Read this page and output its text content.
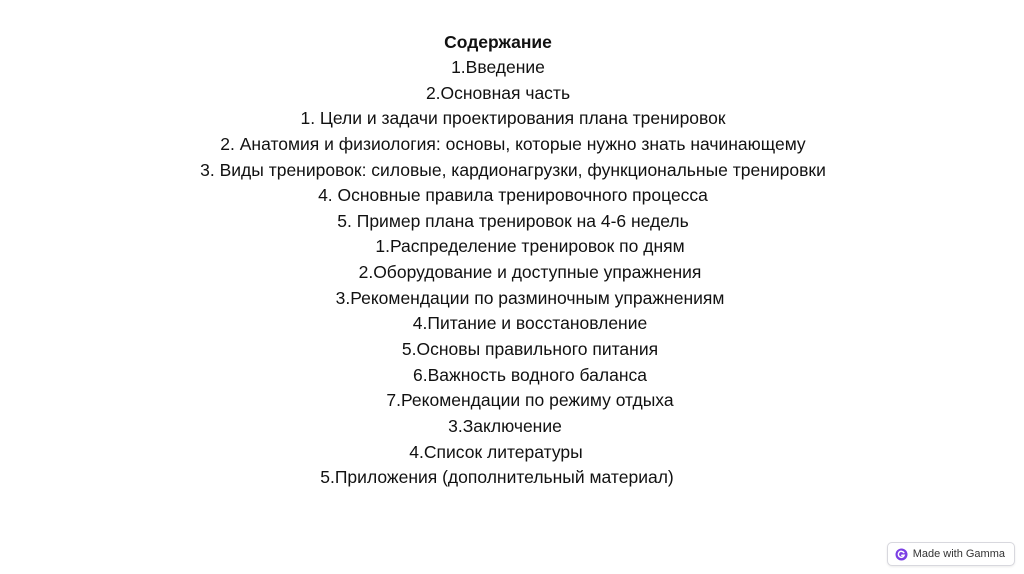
Содержание
1.Введение
2.Основная часть
1. Цели и задачи проектирования плана тренировок
2. Анатомия и физиология: основы, которые нужно знать начинающему
3. Виды тренировок: силовые, кардионагрузки, функциональные тренировки
4. Основные правила тренировочного процесса
5. Пример плана тренировок на 4-6 недель
1.Распределение тренировок по дням
2.Оборудование и доступные упражнения
3.Рекомендации по разминочным упражнениям
4.Питание и восстановление
5.Основы правильного питания
6.Важность водного баланса
7.Рекомендации по режиму отдыха
3.Заключение
4.Список литературы
5.Приложения (дополнительный материал)
Made with Gamma
